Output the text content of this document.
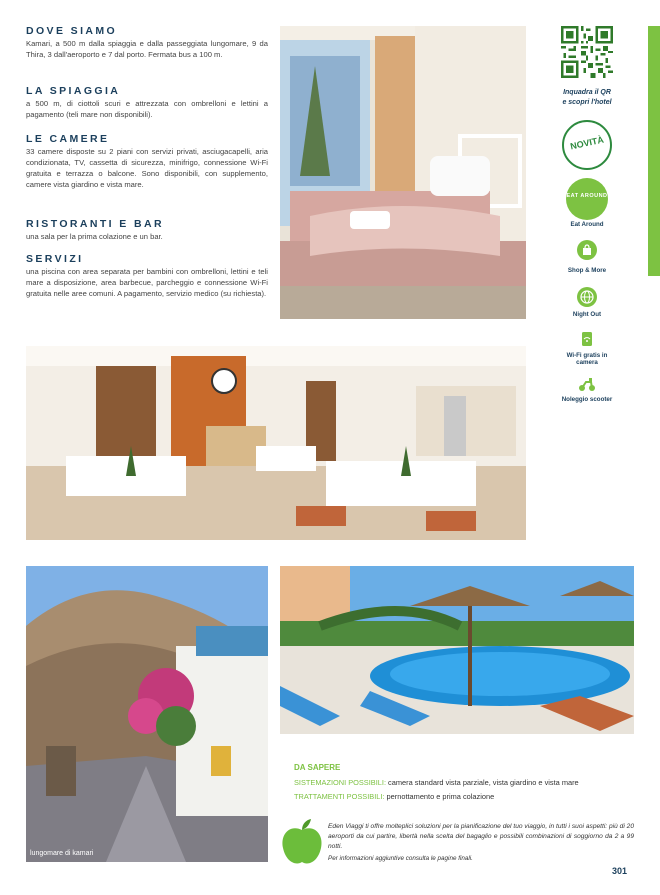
DOVE SIAMO
Kamari, a 500 m dalla spiaggia e dalla passeggiata lungomare, 9 da Thira, 3 dall'aeroporto e 7 dal porto. Fermata bus a 100 m.
LA SPIAGGIA
a 500 m, di ciottoli scuri e attrezzata con ombrelloni e lettini a pagamento (teli mare non disponibili).
LE CAMERE
33 camere disposte su 2 piani con servizi privati, asciugacapelli, aria condizionata, TV, cassetta di sicurezza, minifrigo, connessione Wi-Fi gratuita e terrazza o balcone. Sono disponibili, con supplemento, camere vista giardino e vista mare.
RISTORANTI E BAR
una sala per la prima colazione e un bar.
SERVIZI
una piscina con area separata per bambini con ombrelloni, lettini e teli mare a disposizione, area barbecue, parcheggio e connessione Wi-Fi gratuita nelle aree comuni. A pagamento, servizio medico (su richiesta).
lungomare di kamari
DA SAPERE
SISTEMAZIONI POSSIBILI: camera standard vista parziale, vista giardino e vista mare
TRATTAMENTI POSSIBILI: pernottamento e prima colazione
Eden Viaggi ti offre molteplici soluzioni per la pianificazione del tuo viaggio, in tutti i suoi aspetti: più di 20 aeroporti da cui partire, libertà nella scelta del bagaglio e possibili combinazioni di soggiorno da 2 a 99 notti.
Per informazioni aggiuntive consulta le pagine finali.
301
Inquadra il QR
e scopri l'hotel
NOVITÀ
EAT AROUND
Eat Around
Shop & More
Night Out
Wi-Fi gratis in camera
Noleggio scooter
